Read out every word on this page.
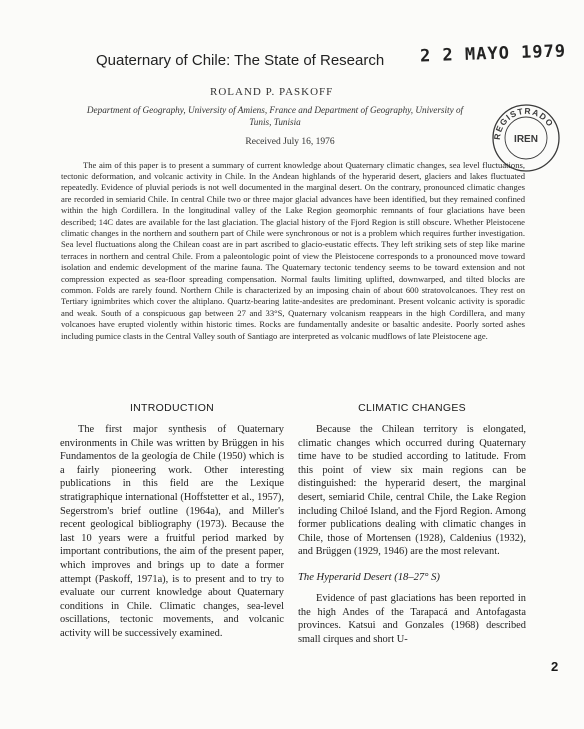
Quaternary of Chile: The State of Research	2 2 MAYO 1979
REGISTRADO
IREN
ROLAND P. PASKOFF
Department of Geography, University of Amiens, France and Department of Geography, University of Tunis, Tunisia
Received July 16, 1976

The aim of this paper is to present a summary of current knowledge about Quaternary climatic changes, sea level fluctuations, tectonic deformation, and volcanic activity in Chile. In the Andean highlands of the hyperarid desert, glaciers and lakes fluctuated repeatedly. Evidence of pluvial periods is not well documented in the marginal desert. On the contrary, pronounced climatic changes are recorded in semiarid Chile. In central Chile two or three major glacial advances have been identified, but they remained confined within the high Cordillera. In the longitudinal valley of the Lake Region geomorphic remnants of four glaciations have been described; 14C dates are available for the last glaciation. The glacial history of the Fjord Region is still obscure. Whether Pleistocene climatic changes in the northern and southern part of Chile were synchronous or not is a problem which requires further investigation. Sea level fluctuations along the Chilean coast are in part ascribed to glacio-eustatic effects. They left striking sets of step like marine terraces in northern and central Chile. From a paleontologic point of view the Pleistocene corresponds to a pronounced move toward isolation and endemic development of the marine fauna. The Quaternary tectonic tendency seems to be toward extension and not compression expected as sea-floor spreading compensation. Normal faults limiting uplifted, downwarped, and tilted blocks are common. Folds are rarely found. Northern Chile is characterized by an imposing chain of about 600 stratovolcanoes. They rest on Tertiary ignimbrites which cover the altiplano. Quartz-bearing latite-andesites are predominant. Present volcanic activity is sporadic and weak. South of a conspicuous gap between 27 and 33°S, Quaternary volcanism reappears in the high Cordillera, and many volcanoes have erupted violently within historic times. Rocks are fundamentally andesite or basaltic andesite. Poorly sorted ashes including pumice clasts in the Central Valley south of Santiago are interpreted as volcanic mudflows of late Pleistocene age.

INTRODUCTION

The first major synthesis of Quaternary environments in Chile was written by Brüggen in his Fundamentos de la geología de Chile (1950) which is a fairly pioneering work. Other interesting publications in this field are the Lexique stratigraphique international (Hoffstetter et al., 1957), Segerstrom's brief outline (1964a), and Miller's recent geological bibliography (1973). Because the last 10 years were a fruitful period marked by important contributions, the aim of the present paper, which improves and brings up to date a former attempt (Paskoff, 1971a), is to present and to try to evaluate our current knowledge about Quaternary conditions in Chile. Climatic changes, sea-level oscillations, tectonic movements, and volcanic activity will be successively examined.

CLIMATIC CHANGES

Because the Chilean territory is elongated, climatic changes which occurred during Quaternary time have to be studied according to latitude. From this point of view six main regions can be distinguished: the hyperarid desert, the marginal desert, semiarid Chile, central Chile, the Lake Region including Chiloé Island, and the Fjord Region. Among former publications dealing with climatic changes in Chile, those of Mortensen (1928), Caldenius (1932), and Brüggen (1929, 1946) are the most relevant.

The Hyperarid Desert (18–27° S)

Evidence of past glaciations has been reported in the high Andes of the Tarapacá and Antofagasta provinces. Katsui and Gonzales (1968) described small cirques and short U-

2
